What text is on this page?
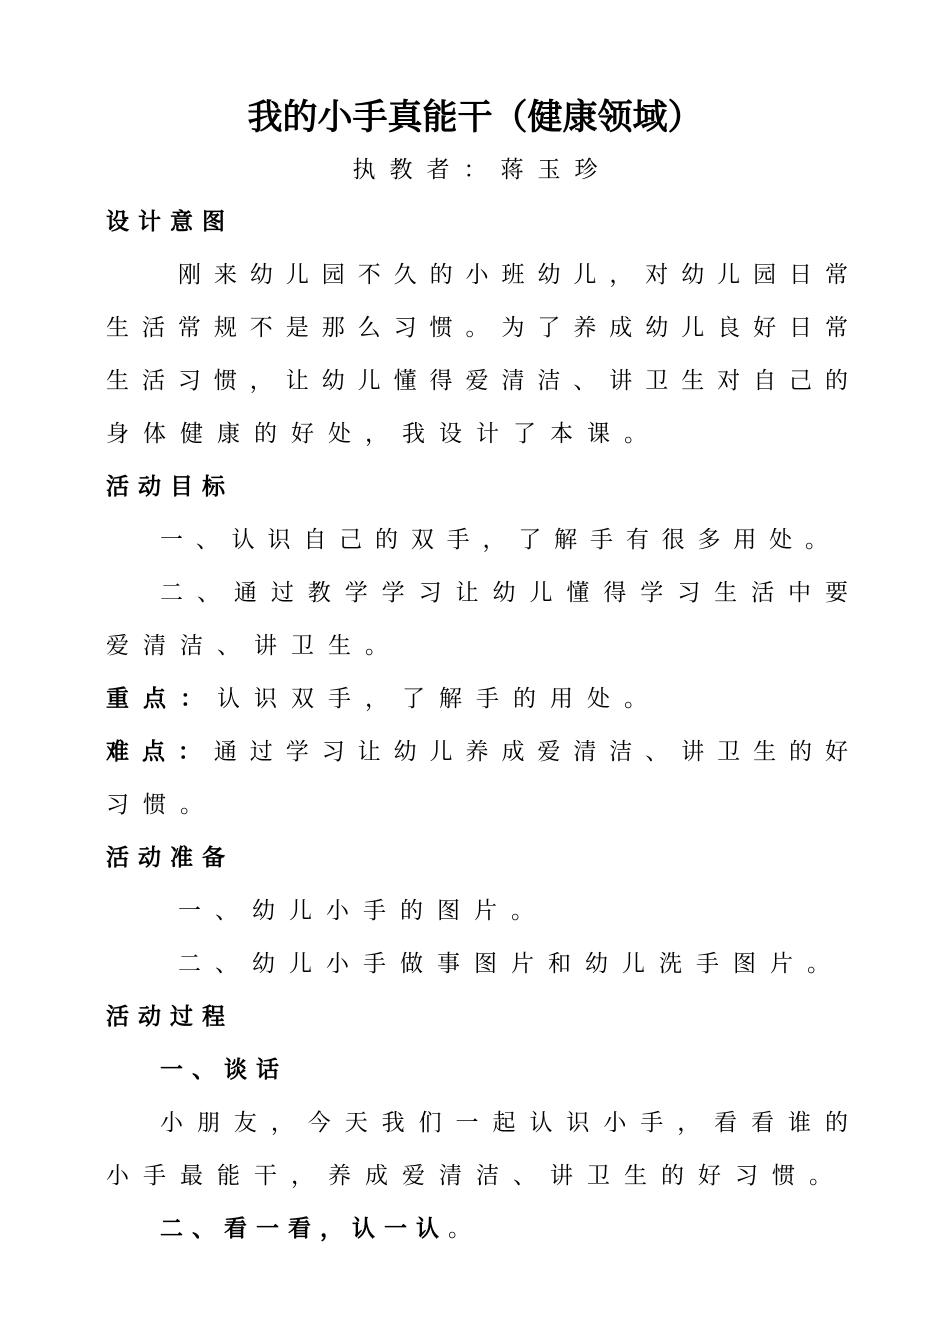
我的小手真能干（健康领域）
执教者：蒋玉珍
设计意图
刚来幼儿园不久的小班幼儿，对幼儿园日常
生活常规不是那么习惯。为了养成幼儿良好日常
生活习惯，让幼儿懂得爱清洁、讲卫生对自己的
身体健康的好处，我设计了本课。
活动目标
一、认识自己的双手，了解手有很多用处。
二、通过教学学习让幼儿懂得学习生活中要
爱清洁、讲卫生。
重点：认识双手，了解手的用处。
难点：通过学习让幼儿养成爱清洁、讲卫生的好
习惯。
活动准备
一、幼儿小手的图片。
二、幼儿小手做事图片和幼儿洗手图片。
活动过程
一、谈话
小朋友，今天我们一起认识小手，看看谁的
小手最能干，养成爱清洁、讲卫生的好习惯。
二、看一看，认一认。
